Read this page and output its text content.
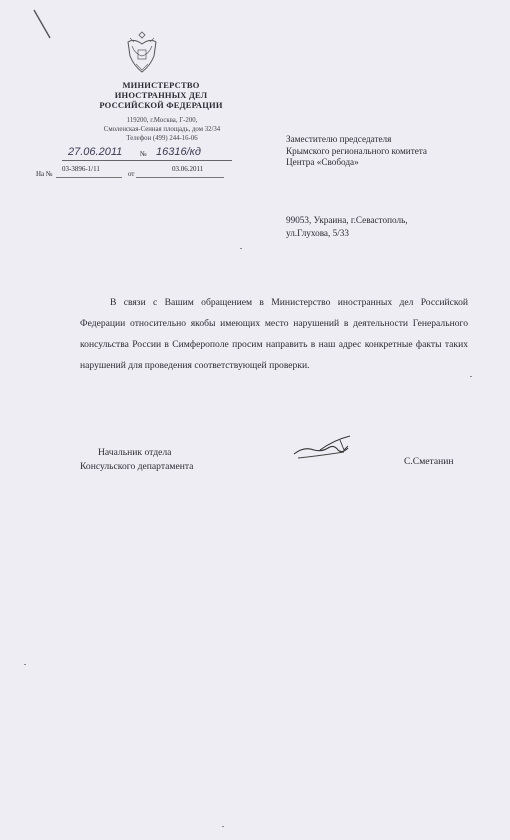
МИНИСТЕРСТВО
ИНОСТРАННЫХ ДЕЛ
РОССИЙСКОЙ ФЕДЕРАЦИИ
119200, г.Москва, Г-200,
Смоленская-Сенная площадь, дом 32/34
Телефон (499) 244-16-06
27.06.2011	№ 16316/кд
На №
03-3896-1/11
от
03.06.2011
Заместителю председателя
Крымского регионального комитета
Центра «Свобода»
99053, Украина, г.Севастополь,
ул.Глухова, 5/33
В связи с Вашим обращением в Министерство иностранных дел Российской Федерации относительно якобы имеющих место нарушений в деятельности Генерального консульства России в Симферополе просим направить в наш адрес конкретные факты таких нарушений для проведения соответствующей проверки.
Начальник отдела
Консульского департамента	С.Сметанин
